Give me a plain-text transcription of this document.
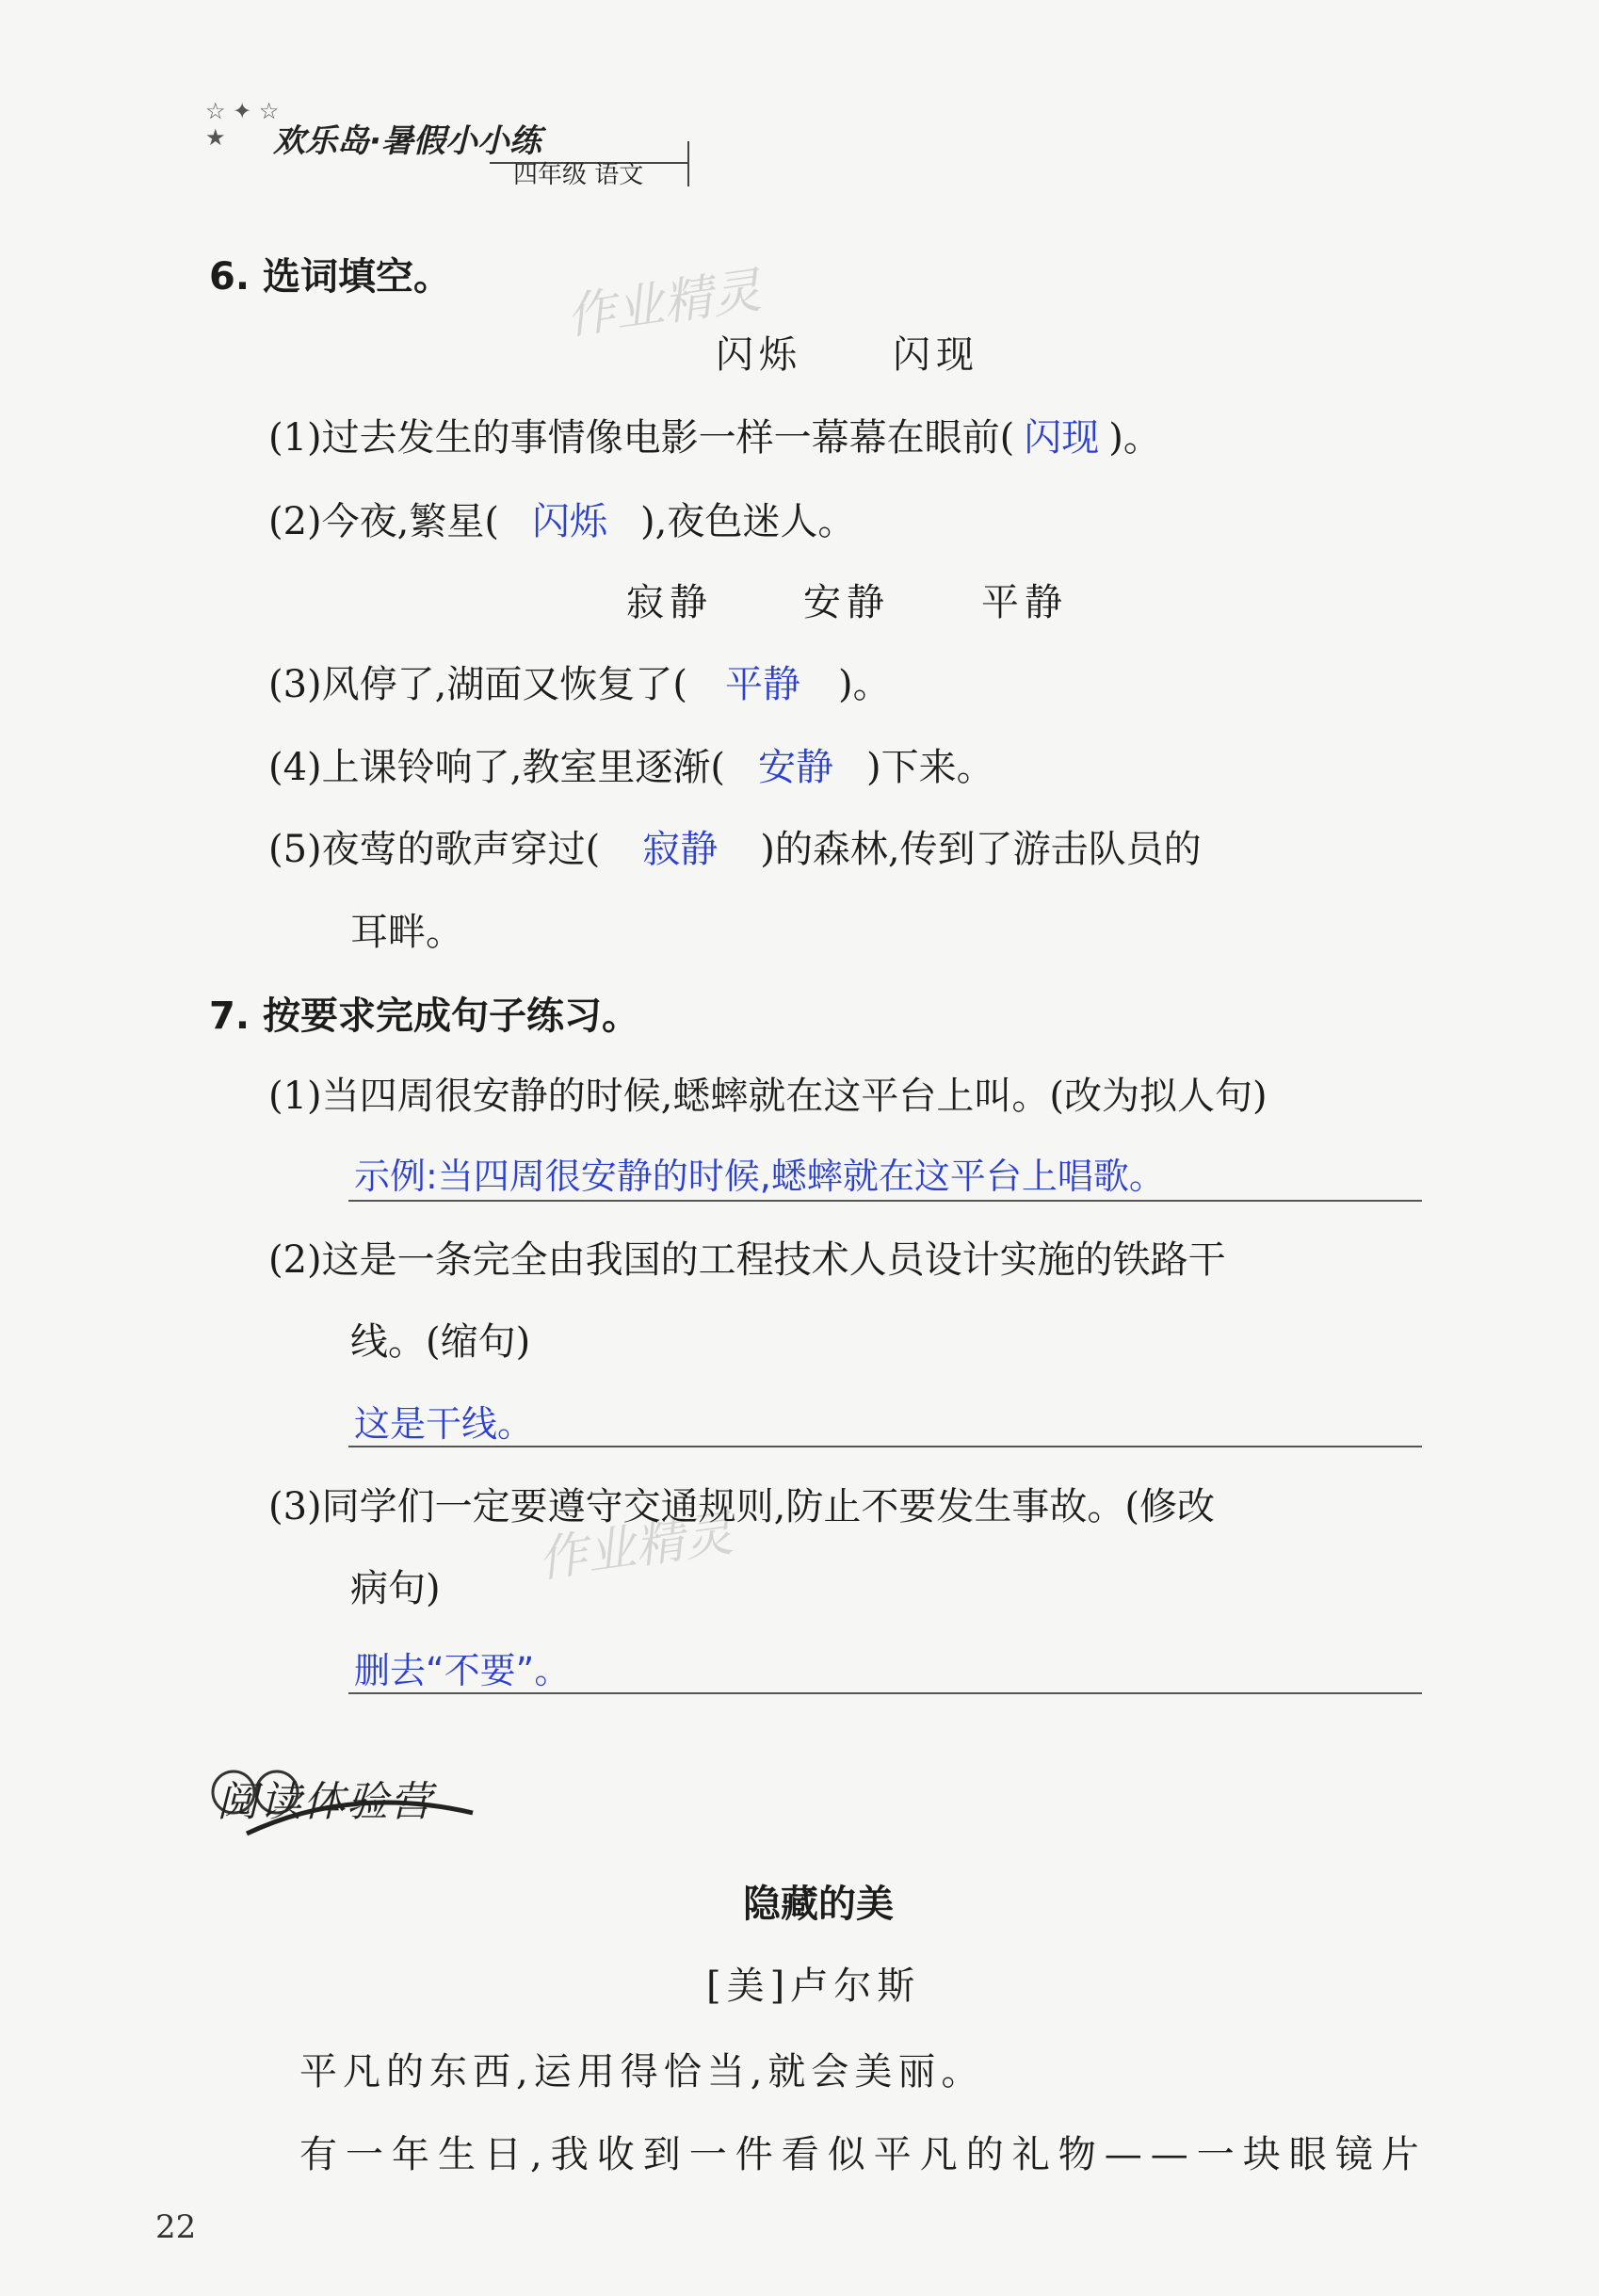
☆ ✦ ☆
★	欢乐岛·暑假小小练
四年级 语文
作业精灵
作业精灵
6. 选词填空。
闪烁 闪现
(1)过去发生的事情像电影一样一幕幕在眼前( 闪现 )。
(2)今夜,繁星( 闪烁 ),夜色迷人。
寂静 安静 平静
(3)风停了,湖面又恢复了( 平静 )。
(4)上课铃响了,教室里逐渐( 安静 )下来。
(5)夜莺的歌声穿过( 寂静 )的森林,传到了游击队员的
耳畔。
7. 按要求完成句子练习。
(1)当四周很安静的时候,蟋蟀就在这平台上叫。(改为拟人句)
示例:当四周很安静的时候,蟋蟀就在这平台上唱歌。
(2)这是一条完全由我国的工程技术人员设计实施的铁路干
线。(缩句)
这是干线。
(3)同学们一定要遵守交通规则,防止不要发生事故。(修改
病句)
删去“不要”。
阅读体验营
隐藏的美
[美]卢尔斯
平凡的东西,运用得恰当,就会美丽。
有一年生日,我收到一件看似平凡的礼物——一块眼镜片
22
